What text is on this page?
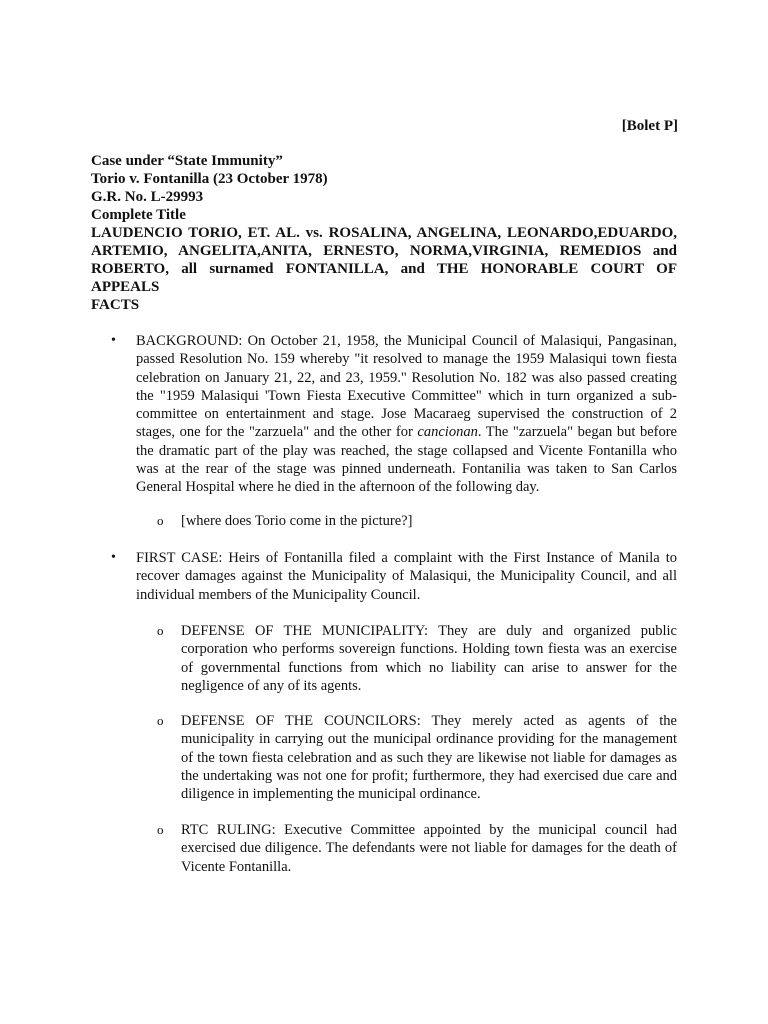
[Bolet P]
Case under “State Immunity”
Torio v. Fontanilla (23 October 1978)
G.R. No. L-29993
Complete Title
LAUDENCIO TORIO, ET. AL. vs. ROSALINA, ANGELINA, LEONARDO,EDUARDO, ARTEMIO, ANGELITA,ANITA, ERNESTO, NORMA,VIRGINIA, REMEDIOS and ROBERTO, all surnamed FONTANILLA, and THE HONORABLE COURT OF APPEALS
FACTS
• BACKGROUND: On October 21, 1958, the Municipal Council of Malasiqui, Pangasinan, passed Resolution No. 159 whereby "it resolved to manage the 1959 Malasiqui town fiesta celebration on January 21, 22, and 23, 1959." Resolution No. 182 was also passed creating the "1959 Malasiqui 'Town Fiesta Executive Committee" which in turn organized a sub-committee on entertainment and stage. Jose Macaraeg supervised the construction of 2 stages, one for the "zarzuela" and the other for cancionan. The "zarzuela" began but before the dramatic part of the play was reached, the stage collapsed and Vicente Fontanilla who was at the rear of the stage was pinned underneath. Fontanilia was taken to San Carlos General Hospital where he died in the afternoon of the following day.
o [where does Torio come in the picture?]
• FIRST CASE: Heirs of Fontanilla filed a complaint with the First Instance of Manila to recover damages against the Municipality of Malasiqui, the Municipality Council, and all individual members of the Municipality Council.
o DEFENSE OF THE MUNICIPALITY: They are duly and organized public corporation who performs sovereign functions. Holding town fiesta was an exercise of governmental functions from which no liability can arise to answer for the negligence of any of its agents.
o DEFENSE OF THE COUNCILORS: They merely acted as agents of the municipality in carrying out the municipal ordinance providing for the management of the town fiesta celebration and as such they are likewise not liable for damages as the undertaking was not one for profit; furthermore, they had exercised due care and diligence in implementing the municipal ordinance.
o RTC RULING: Executive Committee appointed by the municipal council had exercised due diligence. The defendants were not liable for damages for the death of Vicente Fontanilla.
